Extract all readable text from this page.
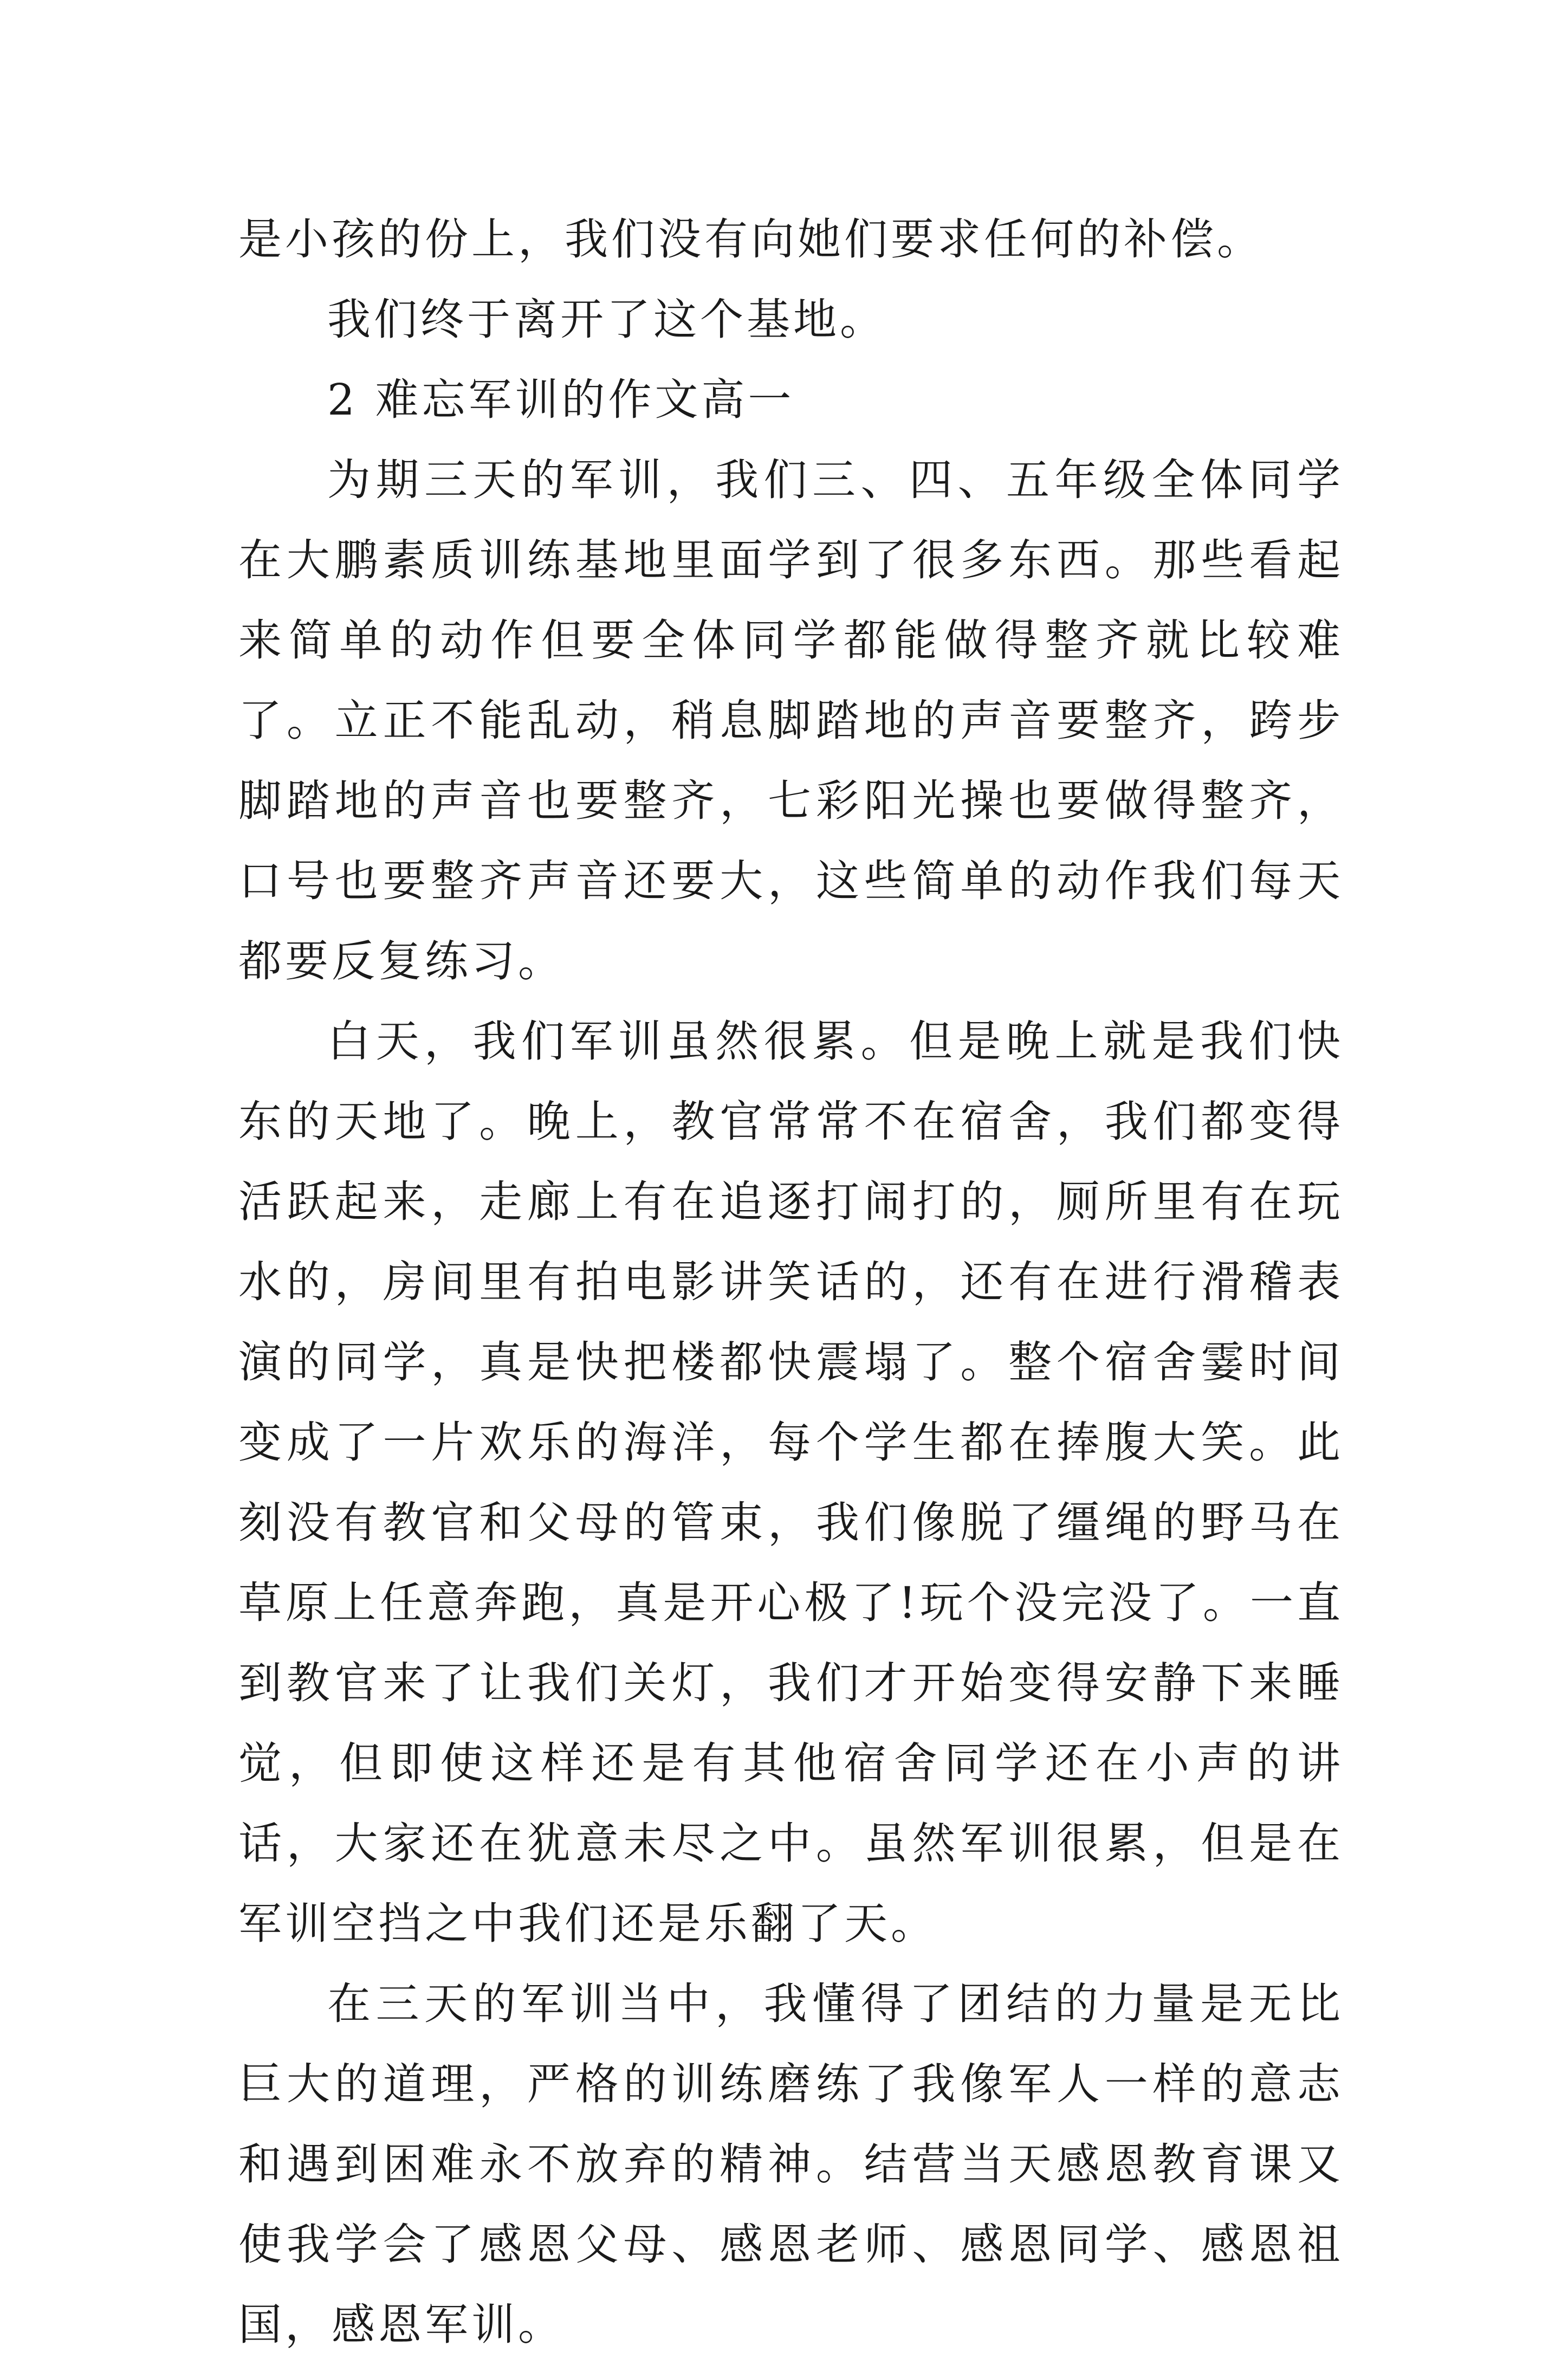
是小孩的份上，我们没有向她们要求任何的补偿。

我们终于离开了这个基地。

2 难忘军训的作文高一

为期三天的军训，我们三、四、五年级全体同学在大鹏素质训练基地里面学到了很多东西。那些看起来简单的动作但要全体同学都能做得整齐就比较难了。立正不能乱动，稍息脚踏地的声音要整齐，跨步脚踏地的声音也要整齐，七彩阳光操也要做得整齐，口号也要整齐声音还要大，这些简单的动作我们每天都要反复练习。

白天，我们军训虽然很累。但是晚上就是我们快东的天地了。晚上，教官常常不在宿舍，我们都变得活跃起来，走廊上有在追逐打闹打的，厕所里有在玩水的，房间里有拍电影讲笑话的，还有在进行滑稽表演的同学，真是快把楼都快震塌了。整个宿舍霎时间变成了一片欢乐的海洋，每个学生都在捧腹大笑。此刻没有教官和父母的管束，我们像脱了缰绳的野马在草原上任意奔跑，真是开心极了!玩个没完没了。一直到教官来了让我们关灯，我们才开始变得安静下来睡觉，但即使这样还是有其他宿舍同学还在小声的讲话，大家还在犹意未尽之中。虽然军训很累，但是在军训空挡之中我们还是乐翻了天。

在三天的军训当中，我懂得了团结的力量是无比巨大的道理，严格的训练磨练了我像军人一样的意志和遇到困难永不放弃的精神。结营当天感恩教育课又使我学会了感恩父母、感恩老师、感恩同学、感恩祖国，感恩军训。
